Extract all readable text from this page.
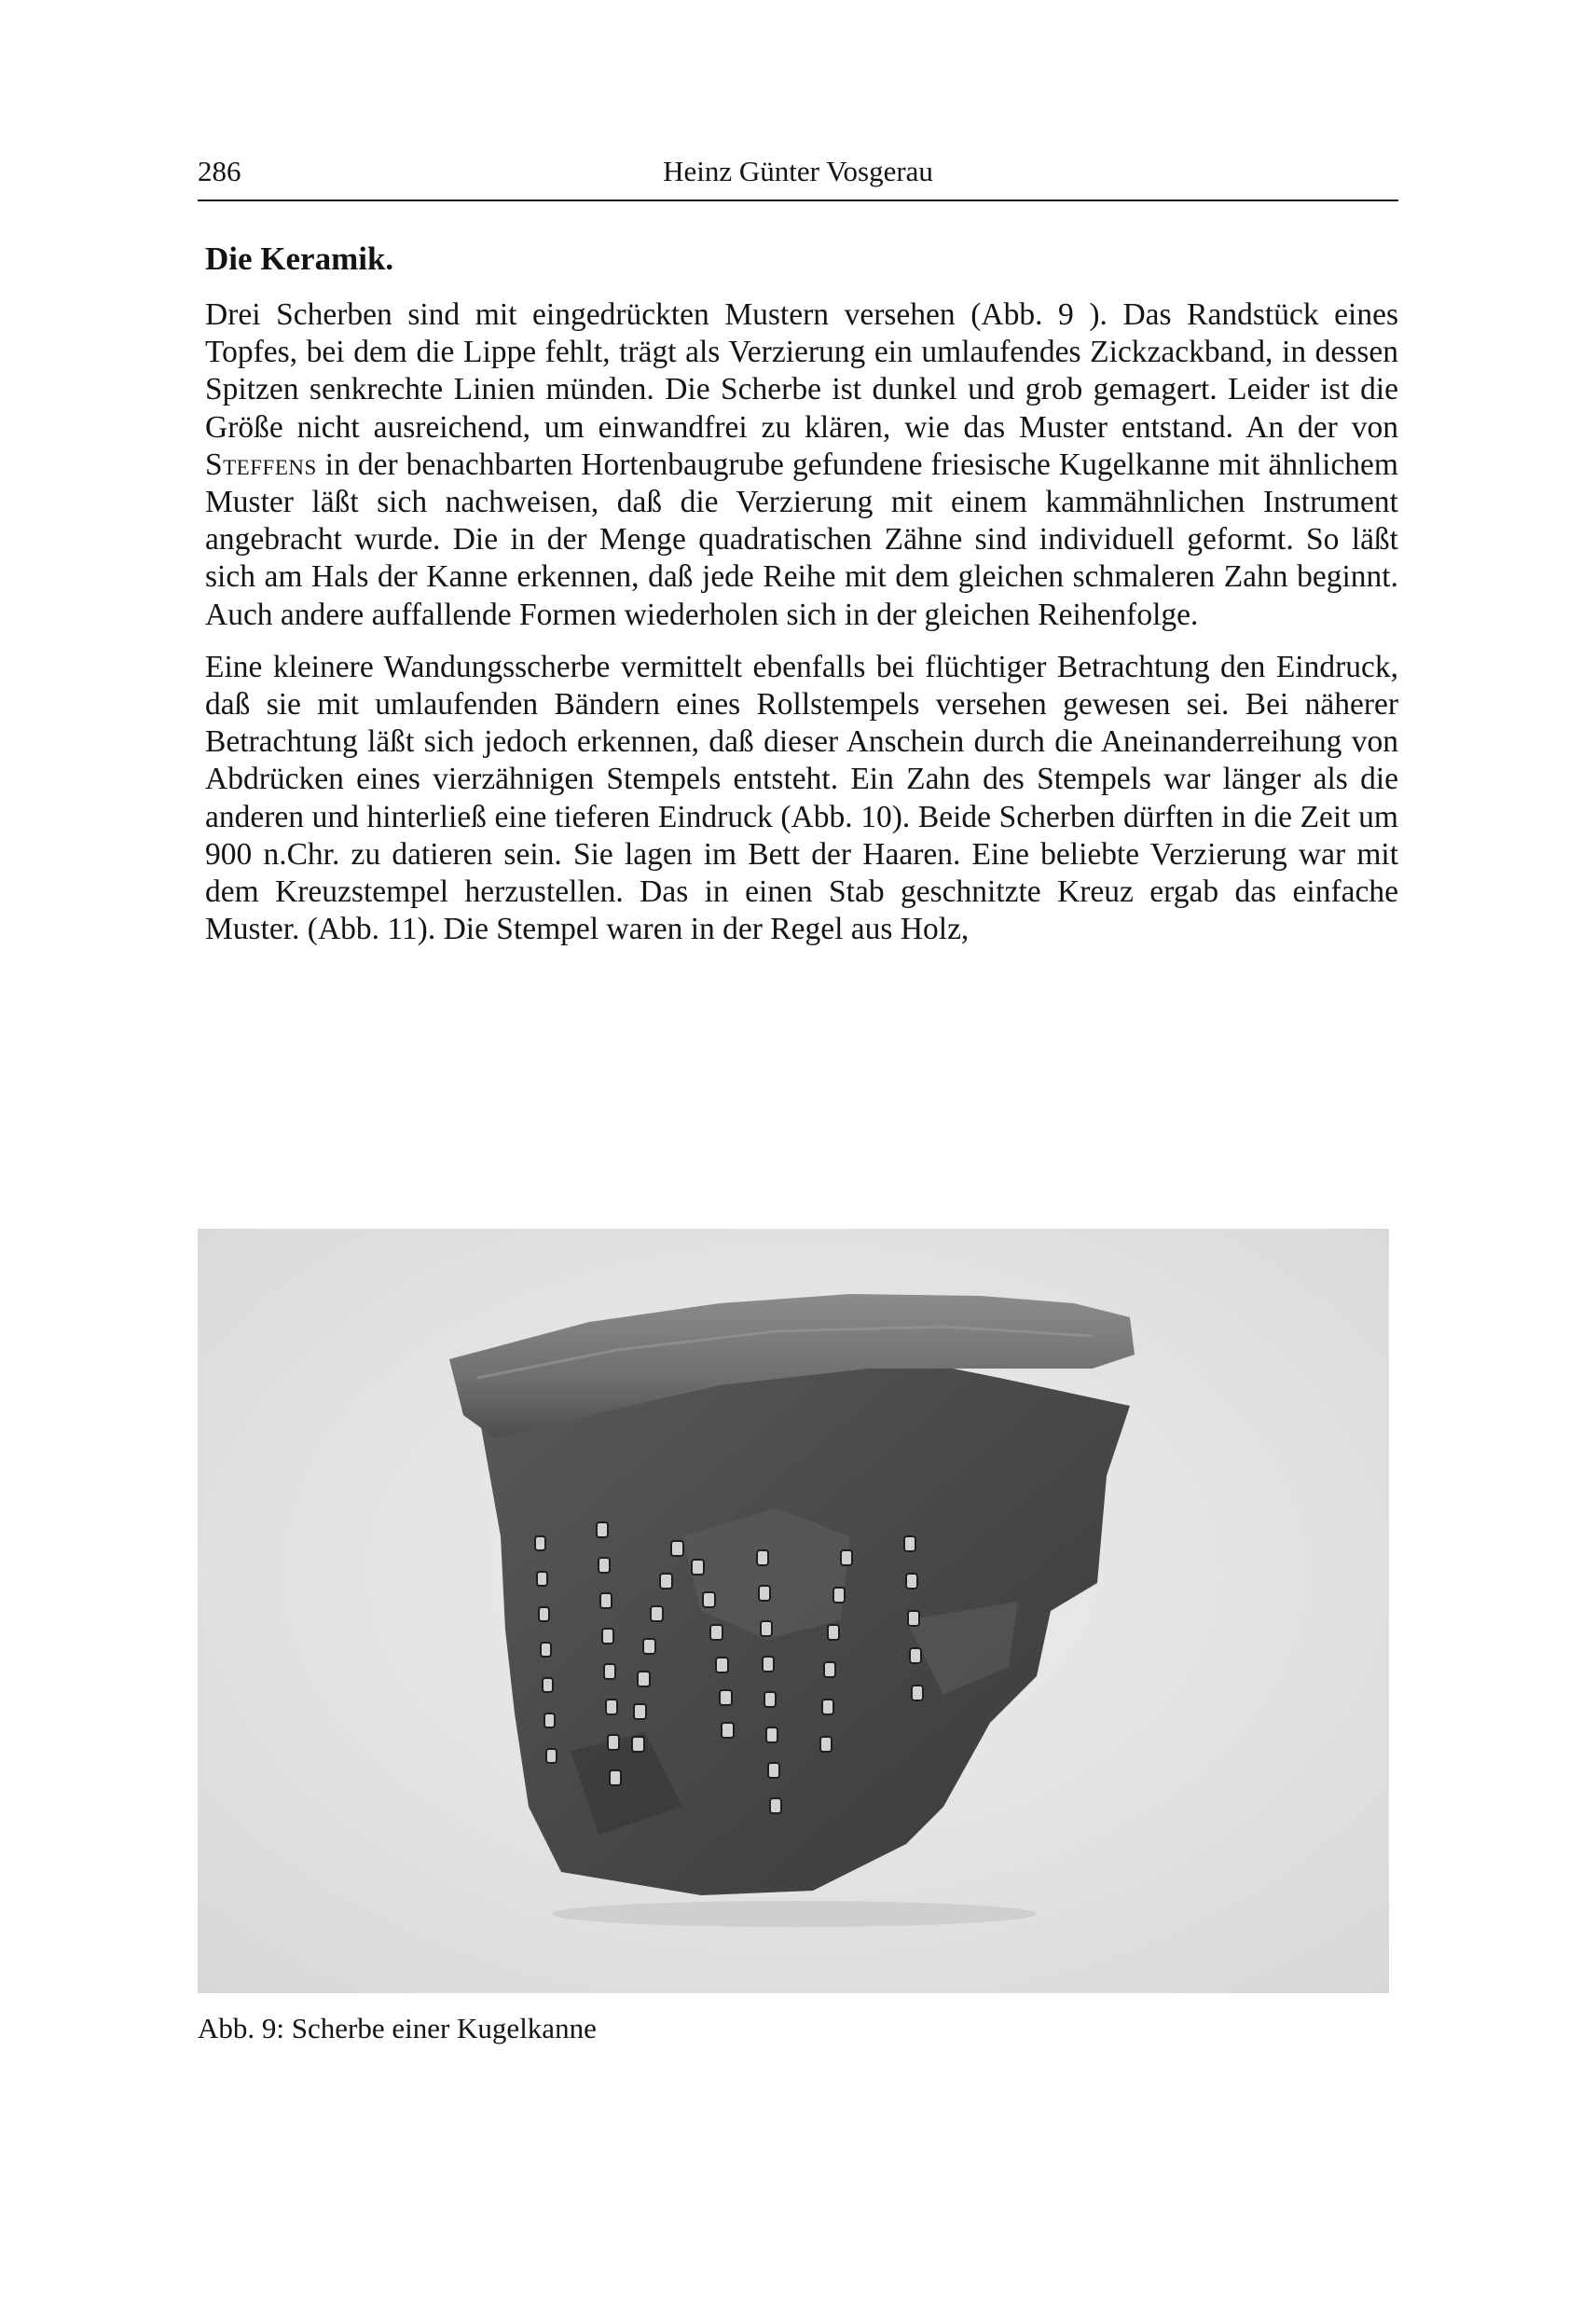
286	Heinz Günter Vosgerau
Die Keramik.

Drei Scherben sind mit eingedrückten Mustern versehen (Abb. 9 ). Das Randstück eines Topfes, bei dem die Lippe fehlt, trägt als Verzierung ein umlaufendes Zickzackband, in dessen Spitzen senkrechte Linien münden. Die Scherbe ist dunkel und grob gemagert. Leider ist die Größe nicht ausreichend, um einwandfrei zu klären, wie das Muster entstand. An der von Steffens in der benachbarten Hortenbaugrube gefundene friesische Kugelkanne mit ähnlichem Muster läßt sich nachweisen, daß die Verzierung mit einem kammähnlichen Instrument angebracht wurde. Die in der Menge quadratischen Zähne sind individuell geformt. So läßt sich am Hals der Kanne erkennen, daß jede Reihe mit dem gleichen schmaleren Zahn beginnt. Auch andere auffallende Formen wiederholen sich in der gleichen Reihenfolge.

Eine kleinere Wandungsscherbe vermittelt ebenfalls bei flüchtiger Betrachtung den Eindruck, daß sie mit umlaufenden Bändern eines Rollstempels versehen gewesen sei. Bei näherer Betrachtung läßt sich jedoch erkennen, daß dieser Anschein durch die Aneinanderreihung von Abdrücken eines vierzähnigen Stempels entsteht. Ein Zahn des Stempels war länger als die anderen und hinterließ eine tieferen Eindruck (Abb. 10). Beide Scherben dürften in die Zeit um 900 n.Chr. zu datieren sein. Sie lagen im Bett der Haaren. Eine beliebte Verzierung war mit dem Kreuzstempel herzustellen. Das in einen Stab geschnitzte Kreuz ergab das einfache Muster. (Abb. 11). Die Stempel waren in der Regel aus Holz,

Abb. 9: Scherbe einer Kugelkanne
